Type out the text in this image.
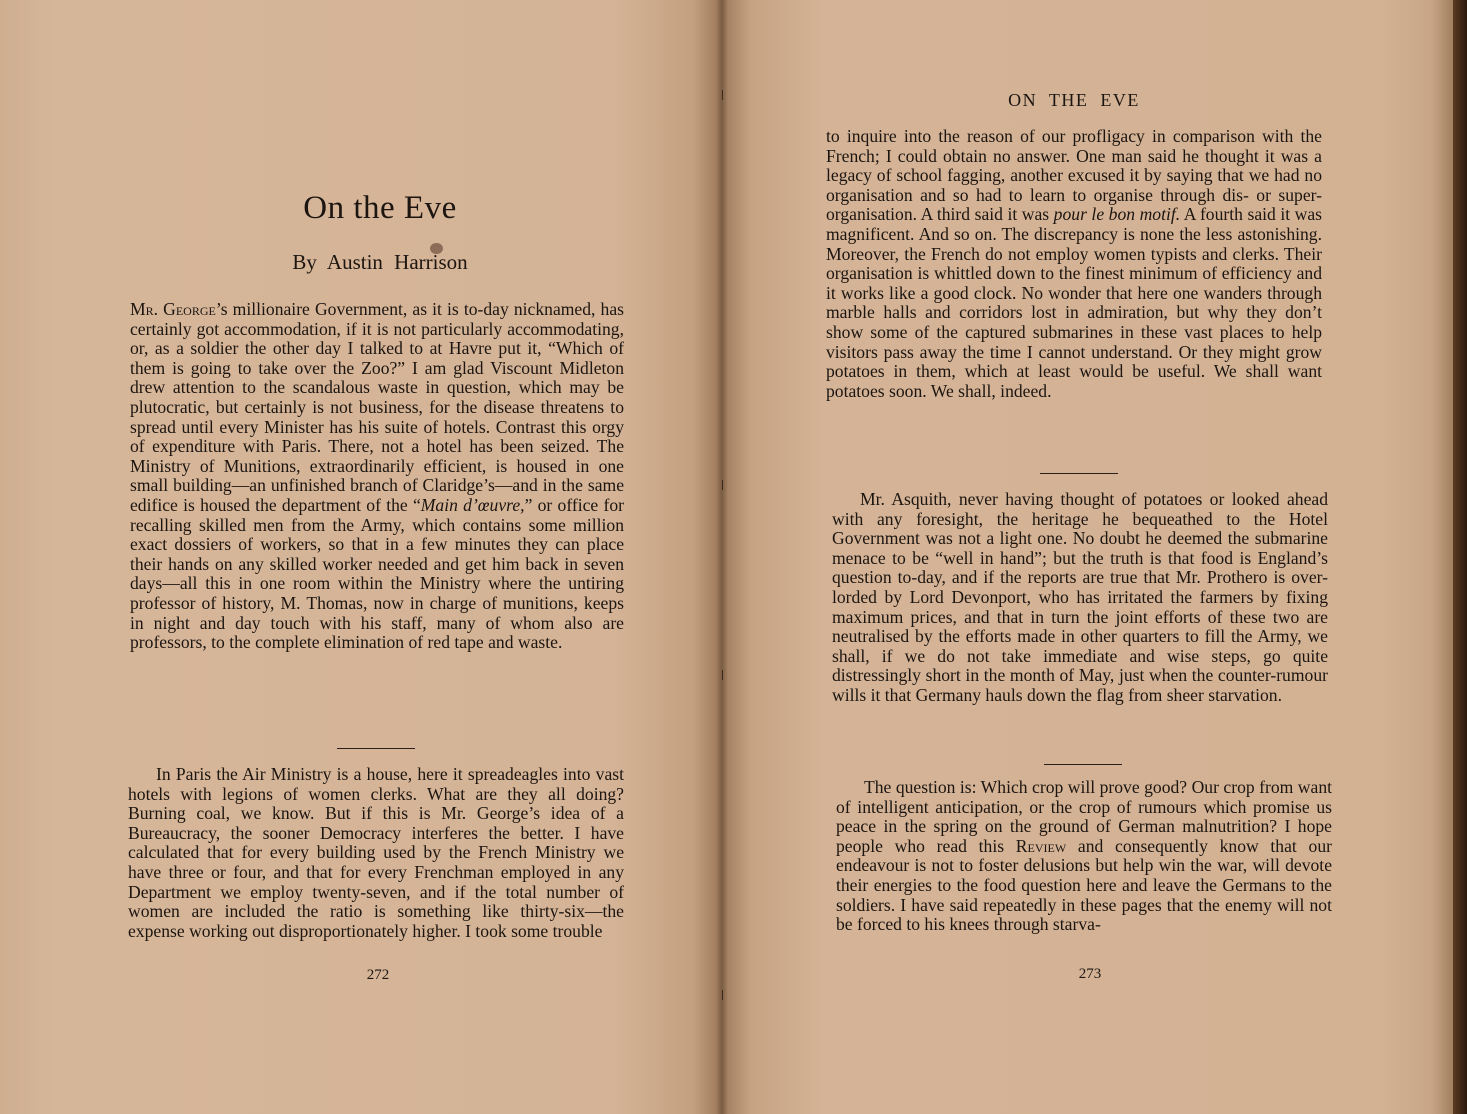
On the Eve
By Austin Harrison

Mr. George’s millionaire Government, as it is to-day nicknamed, has certainly got accommodation, if it is not particularly accommodating, or, as a soldier the other day I talked to at Havre put it, “Which of them is going to take over the Zoo?” I am glad Viscount Midleton drew attention to the scandalous waste in question, which may be plutocratic, but certainly is not business, for the disease threatens to spread until every Minister has his suite of hotels. Contrast this orgy of expenditure with Paris. There, not a hotel has been seized. The Ministry of Munitions, extraordinarily efficient, is housed in one small building—an unfinished branch of Claridge’s—and in the same edifice is housed the department of the “Main d’œuvre,” or office for recalling skilled men from the Army, which contains some million exact dossiers of workers, so that in a few minutes they can place their hands on any skilled worker needed and get him back in seven days—all this in one room within the Ministry where the untiring professor of history, M. Thomas, now in charge of munitions, keeps in night and day touch with his staff, many of whom also are professors, to the complete elimination of red tape and waste.

In Paris the Air Ministry is a house, here it spreadeagles into vast hotels with legions of women clerks. What are they all doing? Burning coal, we know. But if this is Mr. George’s idea of a Bureaucracy, the sooner Democracy interferes the better. I have calculated that for every building used by the French Ministry we have three or four, and that for every Frenchman employed in any Department we employ twenty-seven, and if the total number of women are included the ratio is something like thirty-six—the expense working out disproportionately higher. I took some trouble

272
ON THE EVE

to inquire into the reason of our profligacy in comparison with the French; I could obtain no answer. One man said he thought it was a legacy of school fagging, another excused it by saying that we had no organisation and so had to learn to organise through dis- or super-organisation. A third said it was pour le bon motif. A fourth said it was magnificent. And so on. The discrepancy is none the less astonishing. Moreover, the French do not employ women typists and clerks. Their organisation is whittled down to the finest minimum of efficiency and it works like a good clock. No wonder that here one wanders through marble halls and corridors lost in admiration, but why they don’t show some of the captured submarines in these vast places to help visitors pass away the time I cannot understand. Or they might grow potatoes in them, which at least would be useful. We shall want potatoes soon. We shall, indeed.

Mr. Asquith, never having thought of potatoes or looked ahead with any foresight, the heritage he bequeathed to the Hotel Government was not a light one. No doubt he deemed the submarine menace to be “well in hand”; but the truth is that food is England’s question to-day, and if the reports are true that Mr. Prothero is over-lorded by Lord Devonport, who has irritated the farmers by fixing maximum prices, and that in turn the joint efforts of these two are neutralised by the efforts made in other quarters to fill the Army, we shall, if we do not take immediate and wise steps, go quite distressingly short in the month of May, just when the counter-rumour wills it that Germany hauls down the flag from sheer starvation.

The question is: Which crop will prove good? Our crop from want of intelligent anticipation, or the crop of rumours which promise us peace in the spring on the ground of German malnutrition? I hope people who read this Review and consequently know that our endeavour is not to foster delusions but help win the war, will devote their energies to the food question here and leave the Germans to the soldiers. I have said repeatedly in these pages that the enemy will not be forced to his knees through starva-

273
